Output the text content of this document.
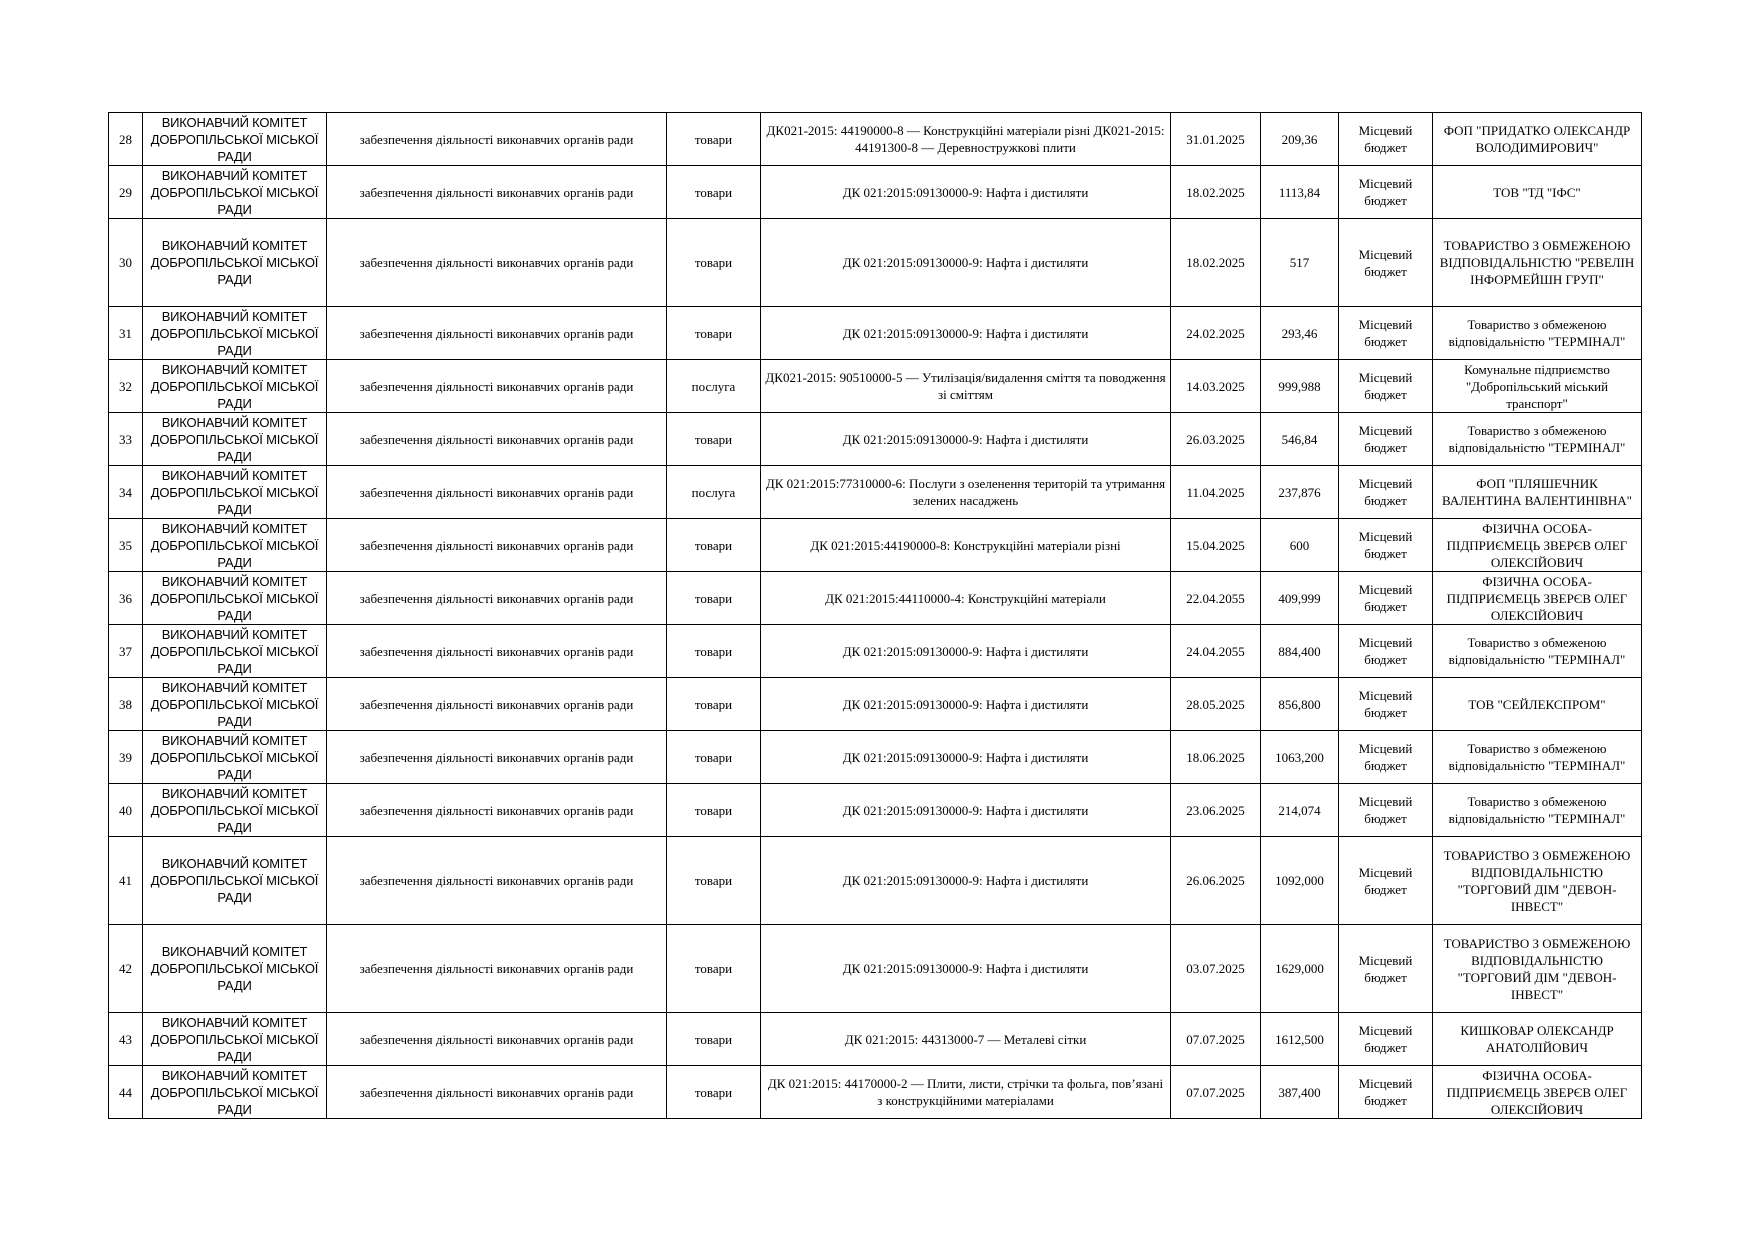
28	ВИКОНАВЧИЙ КОМІТЕТ ДОБРОПІЛЬСЬКОЇ МІСЬКОЇ РАДИ	забезпечення діяльності виконавчих органів ради	товари	ДК021-2015: 44190000-8 — Конструкційні матеріали різні ДК021-2015: 44191300-8 — Деревностружкові плити	31.01.2025	209,36	Місцевий бюджет	ФОП "ПРИДАТКО ОЛЕКСАНДР ВОЛОДИМИРОВИЧ"
29	ВИКОНАВЧИЙ КОМІТЕТ ДОБРОПІЛЬСЬКОЇ МІСЬКОЇ РАДИ	забезпечення діяльності виконавчих органів ради	товари	ДК 021:2015:09130000-9: Нафта і дистиляти	18.02.2025	1113,84	Місцевий бюджет	ТОВ "ТД "ІФС"
30	ВИКОНАВЧИЙ КОМІТЕТ ДОБРОПІЛЬСЬКОЇ МІСЬКОЇ РАДИ	забезпечення діяльності виконавчих органів ради	товари	ДК 021:2015:09130000-9: Нафта і дистиляти	18.02.2025	517	Місцевий бюджет	ТОВАРИСТВО З ОБМЕЖЕНОЮ ВІДПОВІДАЛЬНІСТЮ "РЕВЕЛІН ІНФОРМЕЙШН ГРУП"
31	ВИКОНАВЧИЙ КОМІТЕТ ДОБРОПІЛЬСЬКОЇ МІСЬКОЇ РАДИ	забезпечення діяльності виконавчих органів ради	товари	ДК 021:2015:09130000-9: Нафта і дистиляти	24.02.2025	293,46	Місцевий бюджет	Товариство з обмеженою відповідальністю "ТЕРМІНАЛ"
32	ВИКОНАВЧИЙ КОМІТЕТ ДОБРОПІЛЬСЬКОЇ МІСЬКОЇ РАДИ	забезпечення діяльності виконавчих органів ради	послуга	ДК021-2015: 90510000-5 — Утилізація/видалення сміття та поводження зі сміттям	14.03.2025	999,988	Місцевий бюджет	Комунальне підприємство "Добропільський міський транспорт"
33	ВИКОНАВЧИЙ КОМІТЕТ ДОБРОПІЛЬСЬКОЇ МІСЬКОЇ РАДИ	забезпечення діяльності виконавчих органів ради	товари	ДК 021:2015:09130000-9: Нафта і дистиляти	26.03.2025	546,84	Місцевий бюджет	Товариство з обмеженою відповідальністю "ТЕРМІНАЛ"
34	ВИКОНАВЧИЙ КОМІТЕТ ДОБРОПІЛЬСЬКОЇ МІСЬКОЇ РАДИ	забезпечення діяльності виконавчих органів ради	послуга	ДК 021:2015:77310000-6: Послуги з озеленення територій та утримання зелених насаджень	11.04.2025	237,876	Місцевий бюджет	ФОП "ПЛЯШЕЧНИК ВАЛЕНТИНА ВАЛЕНТИНІВНА"
35	ВИКОНАВЧИЙ КОМІТЕТ ДОБРОПІЛЬСЬКОЇ МІСЬКОЇ РАДИ	забезпечення діяльності виконавчих органів ради	товари	ДК 021:2015:44190000-8: Конструкційні матеріали різні	15.04.2025	600	Місцевий бюджет	ФІЗИЧНА ОСОБА-ПІДПРИЄМЕЦЬ ЗВЕРЄВ ОЛЕГ ОЛЕКСІЙОВИЧ
36	ВИКОНАВЧИЙ КОМІТЕТ ДОБРОПІЛЬСЬКОЇ МІСЬКОЇ РАДИ	забезпечення діяльності виконавчих органів ради	товари	ДК 021:2015:44110000-4: Конструкційні матеріали	22.04.2055	409,999	Місцевий бюджет	ФІЗИЧНА ОСОБА-ПІДПРИЄМЕЦЬ ЗВЕРЄВ ОЛЕГ ОЛЕКСІЙОВИЧ
37	ВИКОНАВЧИЙ КОМІТЕТ ДОБРОПІЛЬСЬКОЇ МІСЬКОЇ РАДИ	забезпечення діяльності виконавчих органів ради	товари	ДК 021:2015:09130000-9: Нафта і дистиляти	24.04.2055	884,400	Місцевий бюджет	Товариство з обмеженою відповідальністю "ТЕРМІНАЛ"
38	ВИКОНАВЧИЙ КОМІТЕТ ДОБРОПІЛЬСЬКОЇ МІСЬКОЇ РАДИ	забезпечення діяльності виконавчих органів ради	товари	ДК 021:2015:09130000-9: Нафта і дистиляти	28.05.2025	856,800	Місцевий бюджет	ТОВ "СЕЙЛЕКСПРОМ"
39	ВИКОНАВЧИЙ КОМІТЕТ ДОБРОПІЛЬСЬКОЇ МІСЬКОЇ РАДИ	забезпечення діяльності виконавчих органів ради	товари	ДК 021:2015:09130000-9: Нафта і дистиляти	18.06.2025	1063,200	Місцевий бюджет	Товариство з обмеженою відповідальністю "ТЕРМІНАЛ"
40	ВИКОНАВЧИЙ КОМІТЕТ ДОБРОПІЛЬСЬКОЇ МІСЬКОЇ РАДИ	забезпечення діяльності виконавчих органів ради	товари	ДК 021:2015:09130000-9: Нафта і дистиляти	23.06.2025	214,074	Місцевий бюджет	Товариство з обмеженою відповідальністю "ТЕРМІНАЛ"
41	ВИКОНАВЧИЙ КОМІТЕТ ДОБРОПІЛЬСЬКОЇ МІСЬКОЇ РАДИ	забезпечення діяльності виконавчих органів ради	товари	ДК 021:2015:09130000-9: Нафта і дистиляти	26.06.2025	1092,000	Місцевий бюджет	ТОВАРИСТВО З ОБМЕЖЕНОЮ ВІДПОВІДАЛЬНІСТЮ "ТОРГОВИЙ ДІМ "ДЕВОН-ІНВЕСТ"
42	ВИКОНАВЧИЙ КОМІТЕТ ДОБРОПІЛЬСЬКОЇ МІСЬКОЇ РАДИ	забезпечення діяльності виконавчих органів ради	товари	ДК 021:2015:09130000-9: Нафта і дистиляти	03.07.2025	1629,000	Місцевий бюджет	ТОВАРИСТВО З ОБМЕЖЕНОЮ ВІДПОВІДАЛЬНІСТЮ "ТОРГОВИЙ ДІМ "ДЕВОН-ІНВЕСТ"
43	ВИКОНАВЧИЙ КОМІТЕТ ДОБРОПІЛЬСЬКОЇ МІСЬКОЇ РАДИ	забезпечення діяльності виконавчих органів ради	товари	ДК 021:2015: 44313000-7 — Металеві сітки	07.07.2025	1612,500	Місцевий бюджет	КИШКОВАР ОЛЕКСАНДР АНАТОЛІЙОВИЧ
44	ВИКОНАВЧИЙ КОМІТЕТ ДОБРОПІЛЬСЬКОЇ МІСЬКОЇ РАДИ	забезпечення діяльності виконавчих органів ради	товари	ДК 021:2015: 44170000-2 — Плити, листи, стрічки та фольга, пов’язані з конструкційними матеріалами	07.07.2025	387,400	Місцевий бюджет	ФІЗИЧНА ОСОБА-ПІДПРИЄМЕЦЬ ЗВЕРЄВ ОЛЕГ ОЛЕКСІЙОВИЧ
